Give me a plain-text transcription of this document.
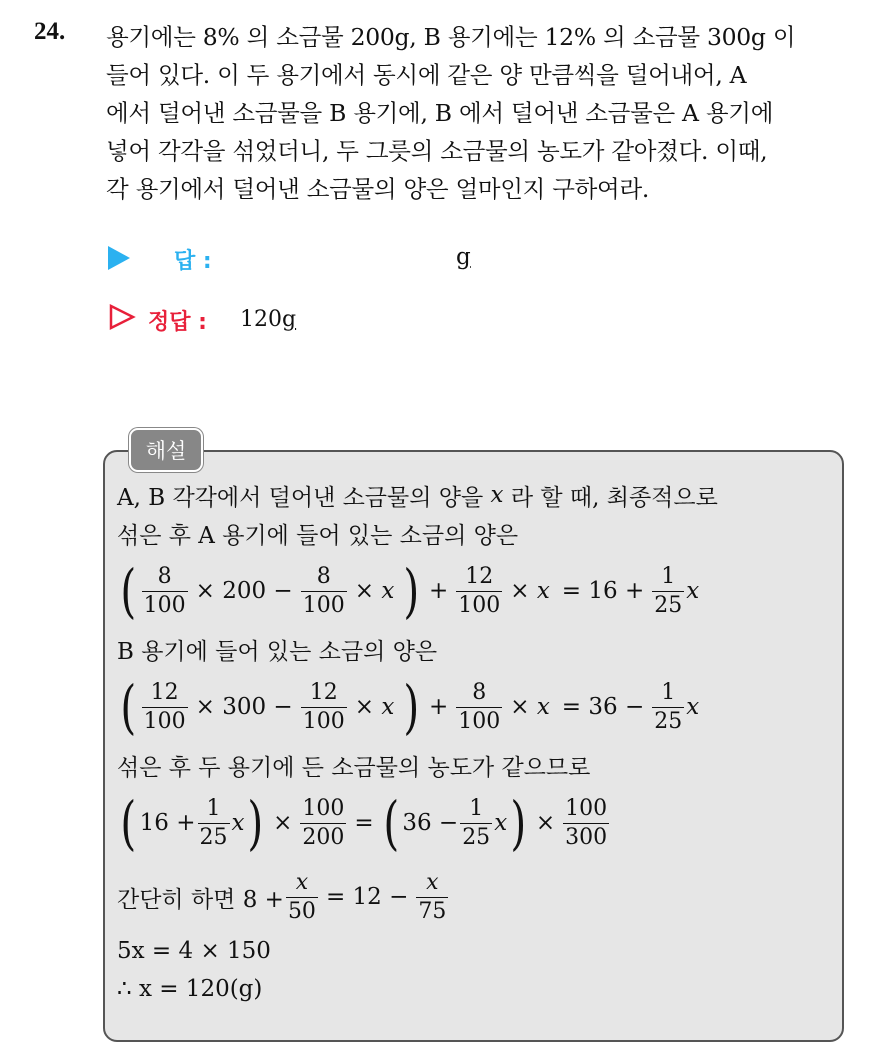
24. 용기에는 8% 의 소금물 200g, B 용기에는 12% 의 소금물 300g 이
들어 있다. 이 두 용기에서 동시에 같은 양 만큼씩을 덜어내어, A
에서 덜어낸 소금물을 B 용기에, B 에서 덜어낸 소금물은 A 용기에
넣어 각각을 섞었더니, 두 그릇의 소금물의 농도가 같아졌다. 이때,
각 용기에서 덜어낸 소금물의 양은 얼마인지 구하여라.
답 :	g
정답 : 120g
해설
A, B 각각에서 덜어낸 소금물의 양을
x
라 할 때, 최종적으로
섞은 후 A 용기에 들어 있는 소금의 양은
( $\frac{8}{100} \times 200 - \frac{8}{100} \times x$ ) + $\frac{12}{100} \times x = 16 + \frac{1}{25}$ x
B 용기에 들어 있는 소금의 양은
( $\frac{12}{100} \times 300 - \frac{12}{100} \times x$ ) + $\frac{8}{100} \times x = 36 - \frac{1}{25}$ x
섞은 후 두 용기에 든 소금물의 농도가 같으므로
( $16 + \frac{1}{25}$ x ) × $\frac{100}{200}$ = ( $36 - \frac{1}{25}$ x ) × $\frac{100}{300}$
간단히 하면 $8 + \frac{x}{50} = 12 - \frac{x}{75}$
5x = 4 × 150
∴ x = 120(g)
